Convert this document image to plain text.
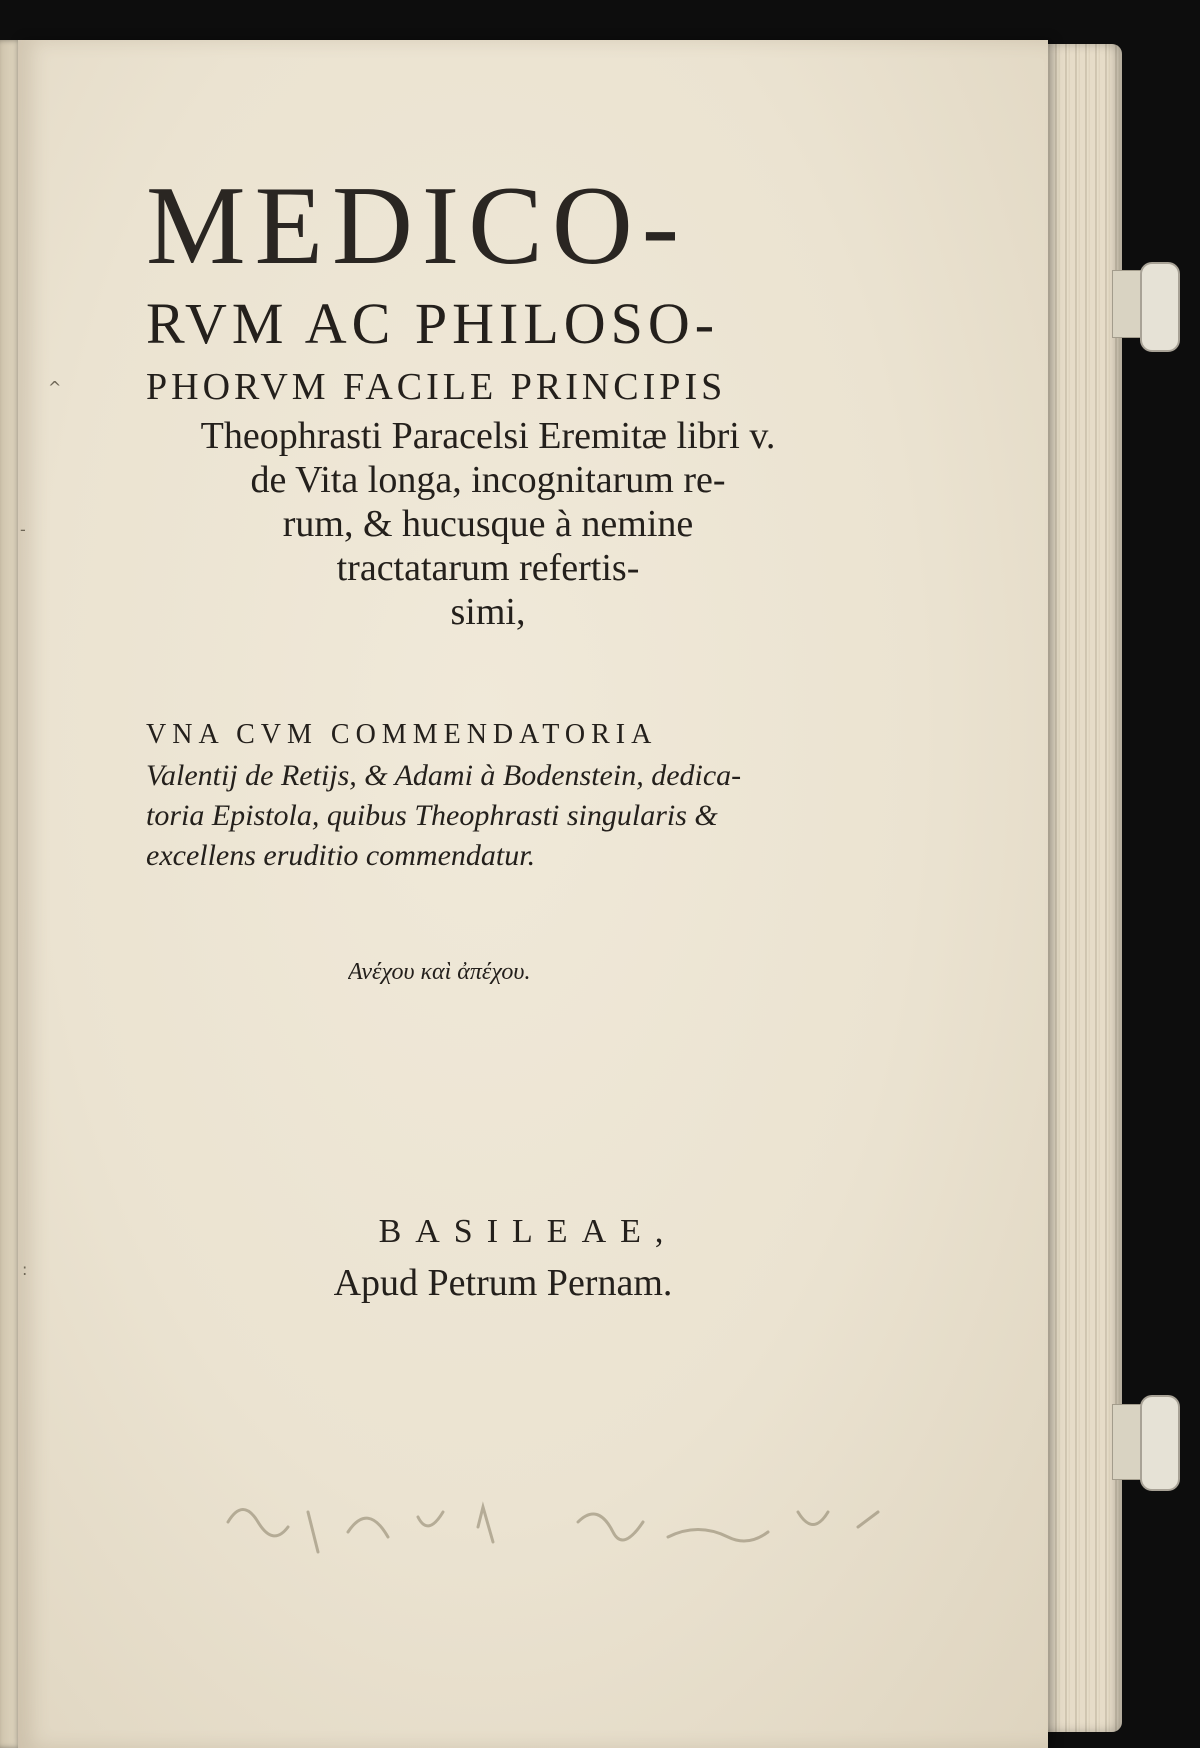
^
-
:
MEDICO-
RVM AC PHILOSO-
PHORVM FACILE PRINCIPIS
Theophrasti Paracelsi Eremitæ libri v.
de Vita longa, incognitarum re-
rum, & hucusque à nemine
tractatarum refertis-
simi,
VNA CVM COMMENDATORIA
Valentij de Retijs, & Adami à Bodenstein, dedica-
toria Epistola, quibus Theophrasti singularis &
excellens eruditio commendatur.
Ανέχου καὶ ἀπέχου.
BASILEAE,
Apud Petrum Pernam.
